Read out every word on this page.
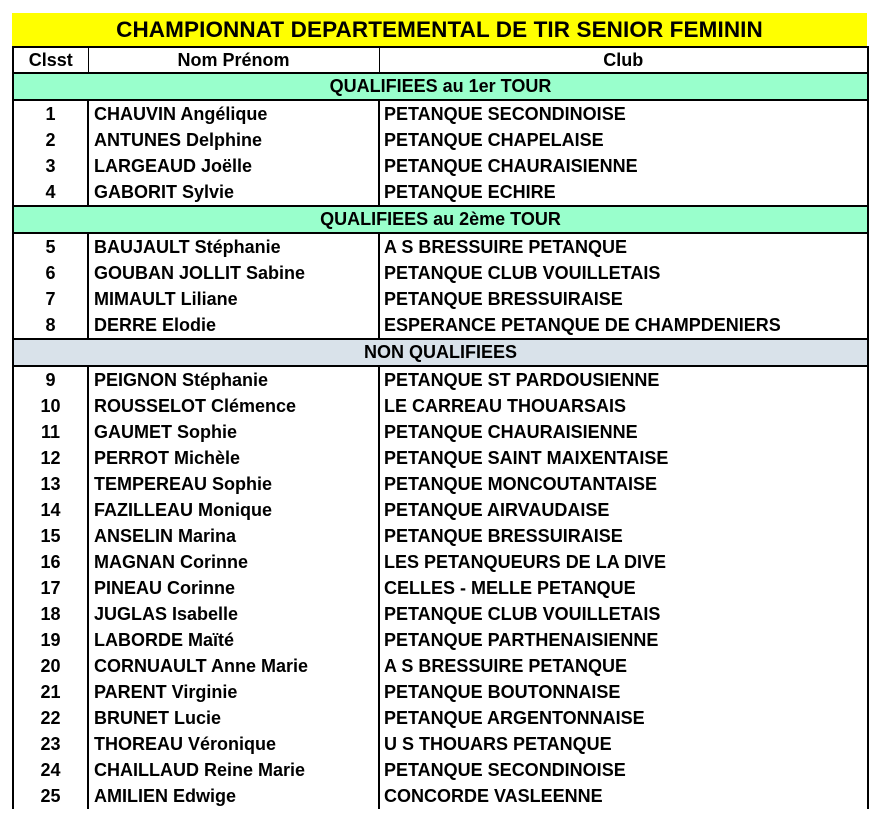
CHAMPIONNAT DEPARTEMENTAL DE TIR SENIOR FEMININ
Clsst	Nom Prénom	Club
QUALIFIEES au 1er TOUR		
1	CHAUVIN Angélique	PETANQUE SECONDINOISE
2	ANTUNES Delphine	PETANQUE CHAPELAISE
3	LARGEAUD Joëlle	PETANQUE CHAURAISIENNE
4	GABORIT Sylvie	PETANQUE ECHIRE
QUALIFIEES au 2ème TOUR		
5	BAUJAULT Stéphanie	A S BRESSUIRE PETANQUE
6	GOUBAN JOLLIT Sabine	PETANQUE CLUB VOUILLETAIS
7	MIMAULT Liliane	PETANQUE BRESSUIRAISE
8	DERRE Elodie	ESPERANCE PETANQUE DE CHAMPDENIERS
NON QUALIFIEES		
9	PEIGNON Stéphanie	PETANQUE ST PARDOUSIENNE
10	ROUSSELOT Clémence	LE CARREAU THOUARSAIS
11	GAUMET Sophie	PETANQUE CHAURAISIENNE
12	PERROT Michèle	PETANQUE SAINT MAIXENTAISE
13	TEMPEREAU Sophie	PETANQUE MONCOUTANTAISE
14	FAZILLEAU Monique	PETANQUE AIRVAUDAISE
15	ANSELIN Marina	PETANQUE BRESSUIRAISE
16	MAGNAN Corinne	LES PETANQUEURS DE LA DIVE
17	PINEAU Corinne	CELLES - MELLE PETANQUE
18	JUGLAS Isabelle	PETANQUE CLUB VOUILLETAIS
19	LABORDE Maïté	PETANQUE PARTHENAISIENNE
20	CORNUAULT Anne Marie	A S BRESSUIRE PETANQUE
21	PARENT Virginie	PETANQUE BOUTONNAISE
22	BRUNET Lucie	PETANQUE ARGENTONNAISE
23	THOREAU Véronique	U S THOUARS PETANQUE
24	CHAILLAUD Reine Marie	PETANQUE SECONDINOISE
25	AMILIEN Edwige	CONCORDE VASLEENNE
